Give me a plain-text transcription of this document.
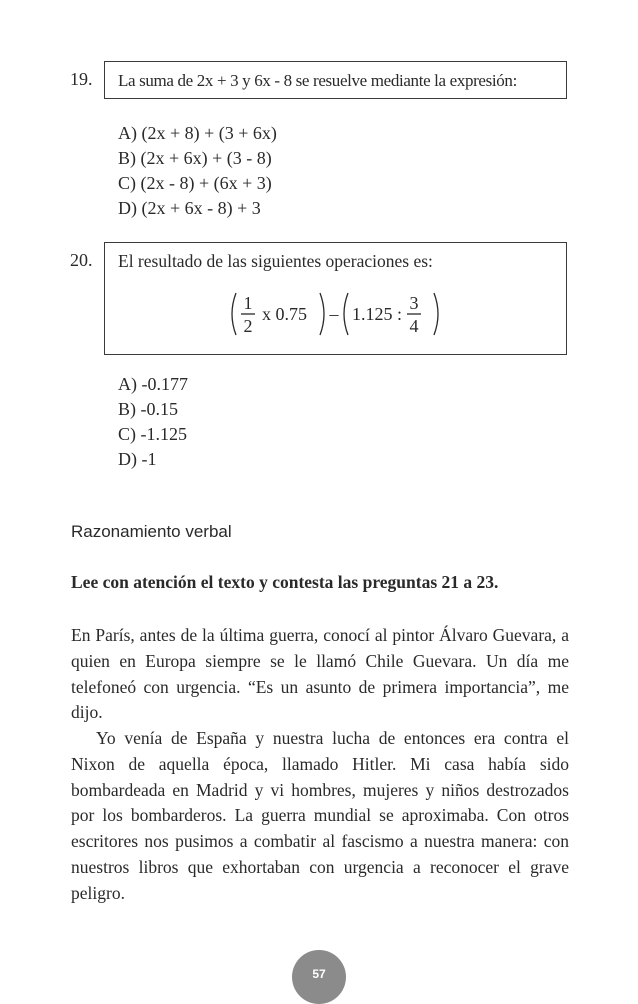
19. La suma de 2x + 3 y 6x - 8 se resuelve mediante la expresión:
A) (2x + 8) + (3 + 6x)
B) (2x + 6x) + (3 - 8)
C) (2x - 8) + (6x + 3)
D) (2x + 6x - 8) + 3
20. El resultado de las siguientes operaciones es:
1
2
x 0.75 – 1.125 :
3
4
A) -0.177
B) -0.15
C) -1.125
D) -1
Razonamiento verbal
Lee con atención el texto y contesta las preguntas 21 a 23.

En París, antes de la última guerra, conocí al pintor Álvaro Guevara, a quien en Europa siempre se le llamó Chile Guevara. Un día me telefoneó con urgencia. “Es un asunto de primera importancia”, me dijo.

Yo venía de España y nuestra lucha de entonces era contra el Nixon de aquella época, llamado Hitler. Mi casa había sido bombardeada en Madrid y vi hombres, mujeres y niños destrozados por los bombarderos. La guerra mundial se aproximaba. Con otros escritores nos pusimos a combatir al fascismo a nuestra manera: con nuestros libros que exhortaban con urgencia a reconocer el grave peligro.

57
